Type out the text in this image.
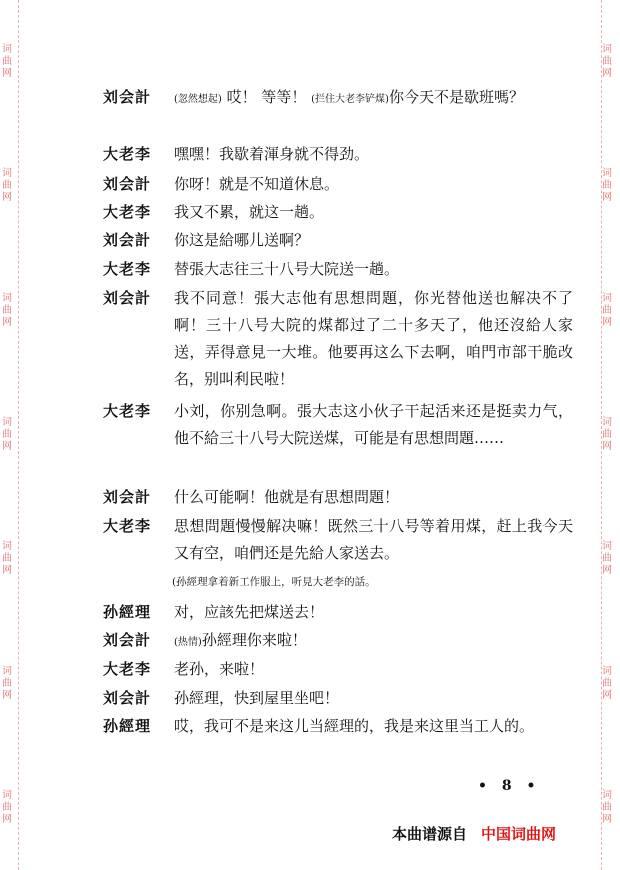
词曲网
词曲网
词曲网
词曲网
词曲网
词曲网
词曲网
词曲网
词曲网
词曲网
词曲网
词曲网
词曲网
词曲网
刘会計	(忽然想起) 哎！ 等等！ (拦住大老李铲煤)你今天不是歇班嗎？
大老李	嘿嘿！我歇着渾身就不得劲。
刘会計	你呀！就是不知道休息。
大老李	我又不累，就这一趟。
刘会計	你这是給哪儿送啊？
大老李	替張大志往三十八号大院送一趟。
刘会計	我不同意！張大志他有思想問題，你光替他送也解决不了啊！三十八号大院的煤都过了二十多天了，他还沒給人家送，弄得意見一大堆。他要再这么下去啊，咱門市部干脆改名，别叫利民啦！
大老李	小刘，你别急啊。張大志这小伙子干起活来还是挺卖力气，他不給三十八号大院送煤，可能是有思想問題……
刘会計	什么可能啊！他就是有思想問題！
大老李	思想問題慢慢解决嘛！既然三十八号等着用煤，赶上我今天又有空，咱們还是先給人家送去。
(孙經理拿着新工作服上，听見大老李的話。
孙經理	对，应該先把煤送去！
刘会計	(热情)孙經理你来啦！
大老李	老孙，来啦！
刘会計	孙經理，快到屋里坐吧！
孙經理	哎，我可不是来这儿当經理的，我是来这里当工人的。
• 8 •
本曲谱源自 中国词曲网
